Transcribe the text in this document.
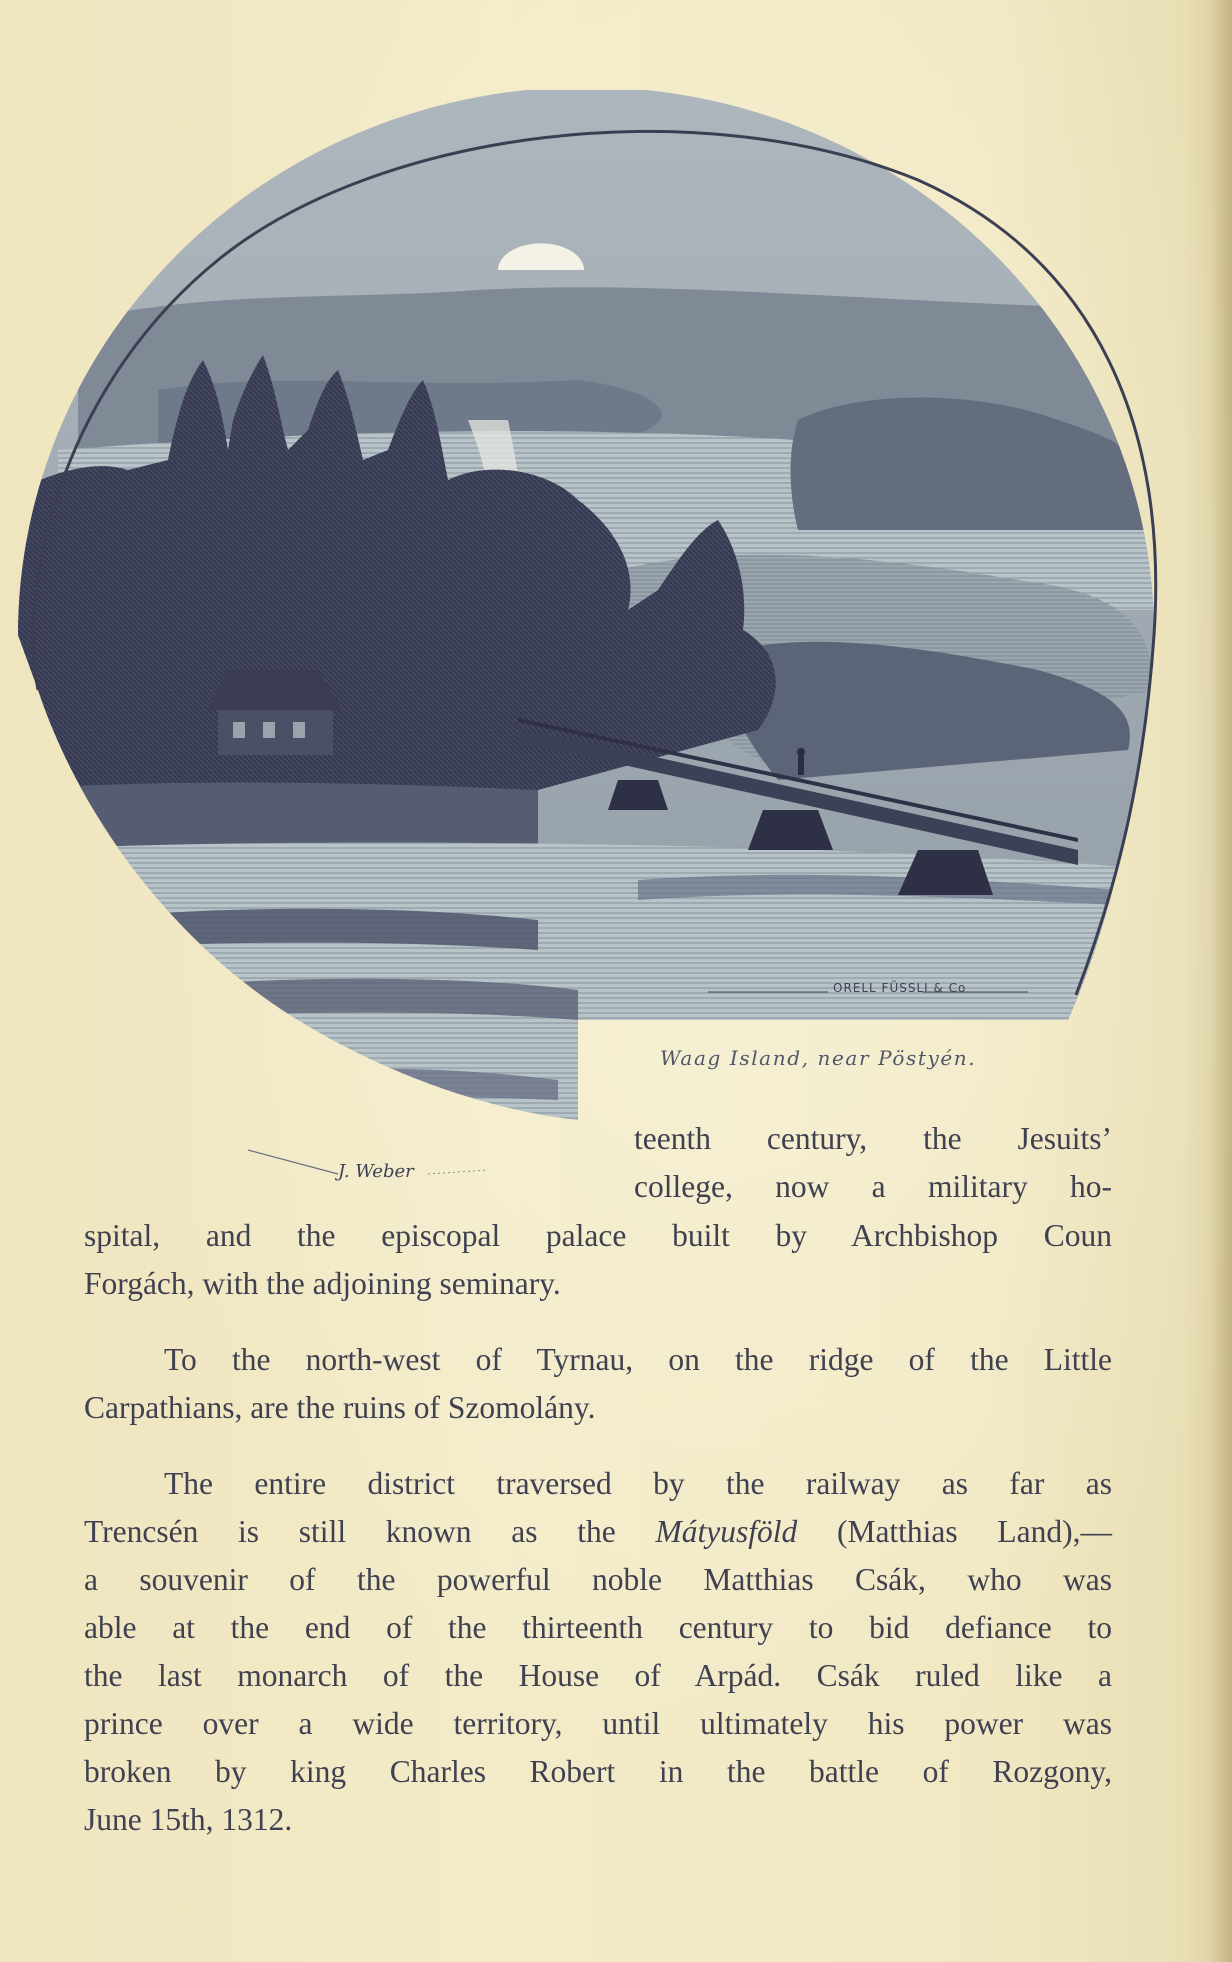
ORELL FÜSSLI & Co
J. Weber
Waag Island, near Pöstyén.
teenth century, the Jesuits’
college, now a military ho-
spital, and the episcopal palace built by Archbishop Coun
Forgách, with the adjoining seminary.
To the north-west of Tyrnau, on the ridge of the Little
Carpathians, are the ruins of Szomolány.
The entire district traversed by the railway as far as
Trencsén is still known as the Mátyusföld (Matthias Land),—
a souvenir of the powerful noble Matthias Csák, who was
able at the end of the thirteenth century to bid defiance to
the last monarch of the House of Arpád. Csák ruled like a
prince over a wide territory, until ultimately his power was
broken by king Charles Robert in the battle of Rozgony,
June 15th, 1312.
